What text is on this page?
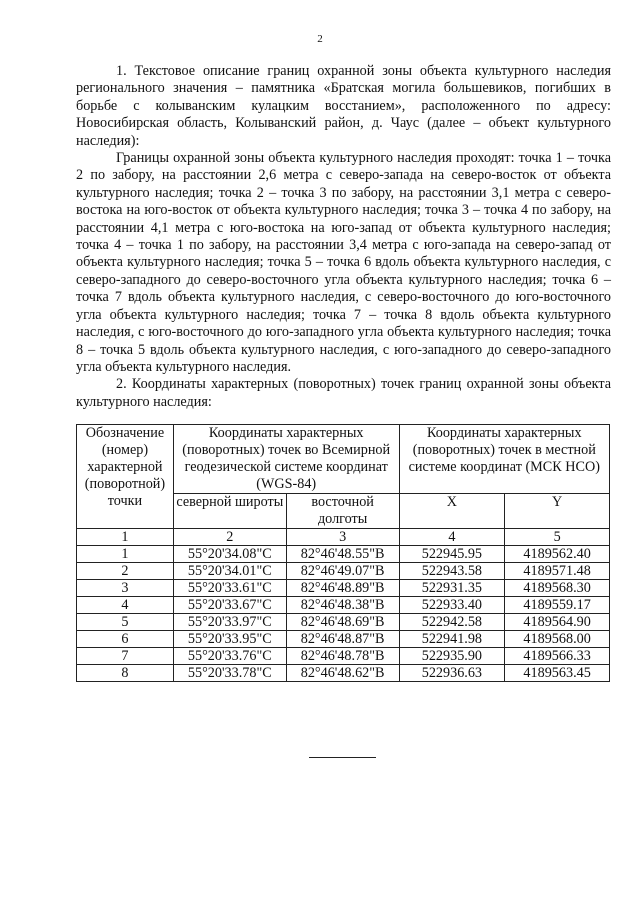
2

1. Текстовое описание границ охранной зоны объекта культурного наследия регионального значения – памятника «Братская могила большевиков, погибших в борьбе с колыванским кулацким восстанием», расположенного по адресу: Новосибирская область, Колыванский район, д. Чаус (далее – объект культурного наследия):

Границы охранной зоны объекта культурного наследия проходят: точка 1 – точка 2 по забору, на расстоянии 2,6 метра с северо-запада на северо-восток от объекта культурного наследия; точка 2 – точка 3 по забору, на расстоянии 3,1 метра с северо-востока на юго-восток от объекта культурного наследия; точка 3 – точка 4 по забору, на расстоянии 4,1 метра с юго-востока на юго-запад от объекта культурного наследия; точка 4 – точка 1 по забору, на расстоянии 3,4 метра с юго-запада на северо-запад от объекта культурного наследия; точка 5 – точка 6 вдоль объекта культурного наследия, с северо-западного до северо-восточного угла объекта культурного наследия; точка 6 – точка 7 вдоль объекта культурного наследия, с северо-восточного до юго-восточного угла объекта культурного наследия; точка 7 – точка 8 вдоль объекта культурного наследия, с юго-восточного до юго-западного угла объекта культурного наследия; точка 8 – точка 5 вдоль объекта культурного наследия, с юго-западного до северо-западного угла объекта культурного наследия.

2. Координаты характерных (поворотных) точек границ охранной зоны объекта культурного наследия:

Обозначение (номер) характерной (поворотной) точки	Координаты характерных (поворотных) точек во Всемирной геодезической системе координат (WGS-84)		Координаты характерных (поворотных) точек в местной системе координат (МСК НСО)	
	северной широты	восточной долготы	X	Y
1	2	3	4	5
1	55°20'34.08"С	82°46'48.55"В	522945.95	4189562.40
2	55°20'34.01"С	82°46'49.07"В	522943.58	4189571.48
3	55°20'33.61"С	82°46'48.89"В	522931.35	4189568.30
4	55°20'33.67"С	82°46'48.38"В	522933.40	4189559.17
5	55°20'33.97"С	82°46'48.69"В	522942.58	4189564.90
6	55°20'33.95"С	82°46'48.87"В	522941.98	4189568.00
7	55°20'33.76"С	82°46'48.78"В	522935.90	4189566.33
8	55°20'33.78"С	82°46'48.62"В	522936.63	4189563.45
